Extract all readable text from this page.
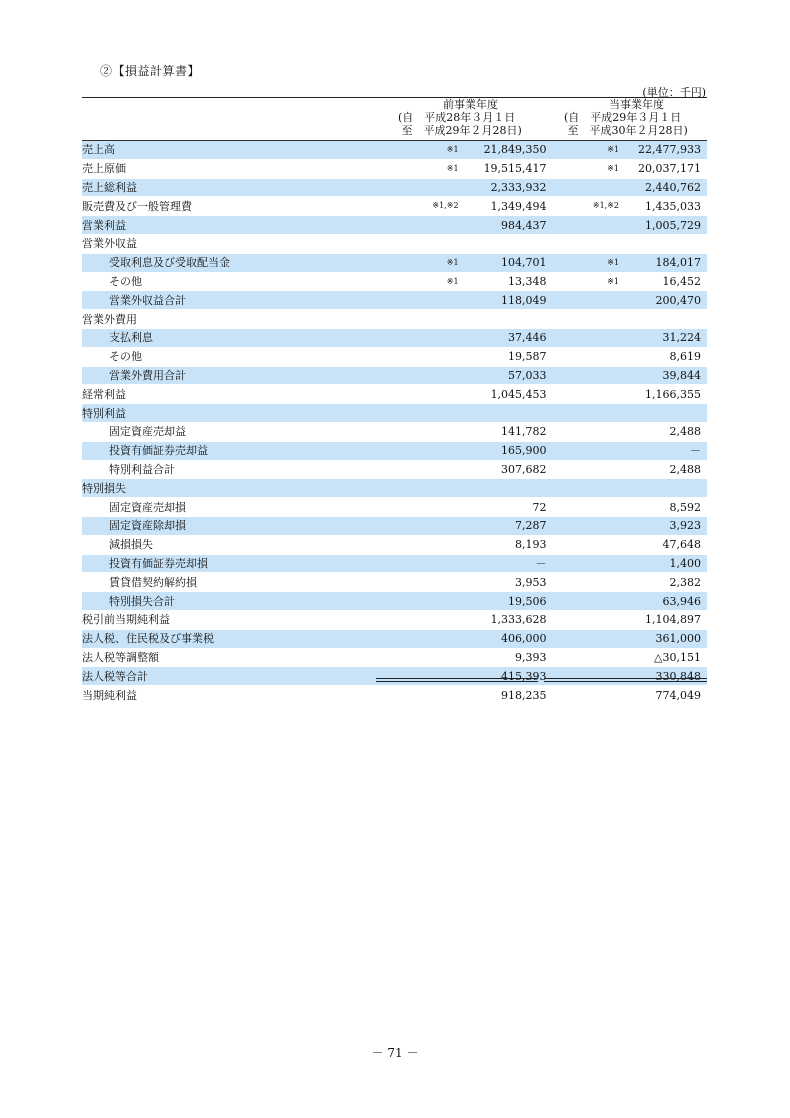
②【損益計算書】
(単位：千円)
前事業年度
(自　平成28年３月１日
至　平成29年２月28日)
当事業年度
(自　平成29年３月１日
至　平成30年２月28日)
売上高	※1 21,849,350	※1 22,477,933
売上原価	※1 19,515,417	※1 20,037,171
売上総利益	2,333,932	2,440,762
販売費及び一般管理費	※1,※2 1,349,494	※1,※2 1,435,033
営業利益	984,437	1,005,729
営業外収益	

受取利息及び受取配当金	※1 104,701	※1 184,017
その他	※1 13,348	※1 16,452
営業外収益合計	118,049	200,470
営業外費用	

支払利息	37,446	31,224
その他	19,587	8,619
営業外費用合計	57,033	39,844
経常利益	1,045,453	1,166,355
特別利益	

固定資産売却益	141,782	2,488
投資有価証券売却益	165,900	－
特別利益合計	307,682	2,488
特別損失	

固定資産売却損	72	8,592
固定資産除却損	7,287	3,923
減損損失	8,193	47,648
投資有価証券売却損	－	1,400
賃貸借契約解約損	3,953	2,382
特別損失合計	19,506	63,946
税引前当期純利益	1,333,628	1,104,897
法人税、住民税及び事業税	406,000	361,000
法人税等調整額	9,393	△30,151
法人税等合計	415,393	330,848
当期純利益	918,235	774,049
－ 71 －
